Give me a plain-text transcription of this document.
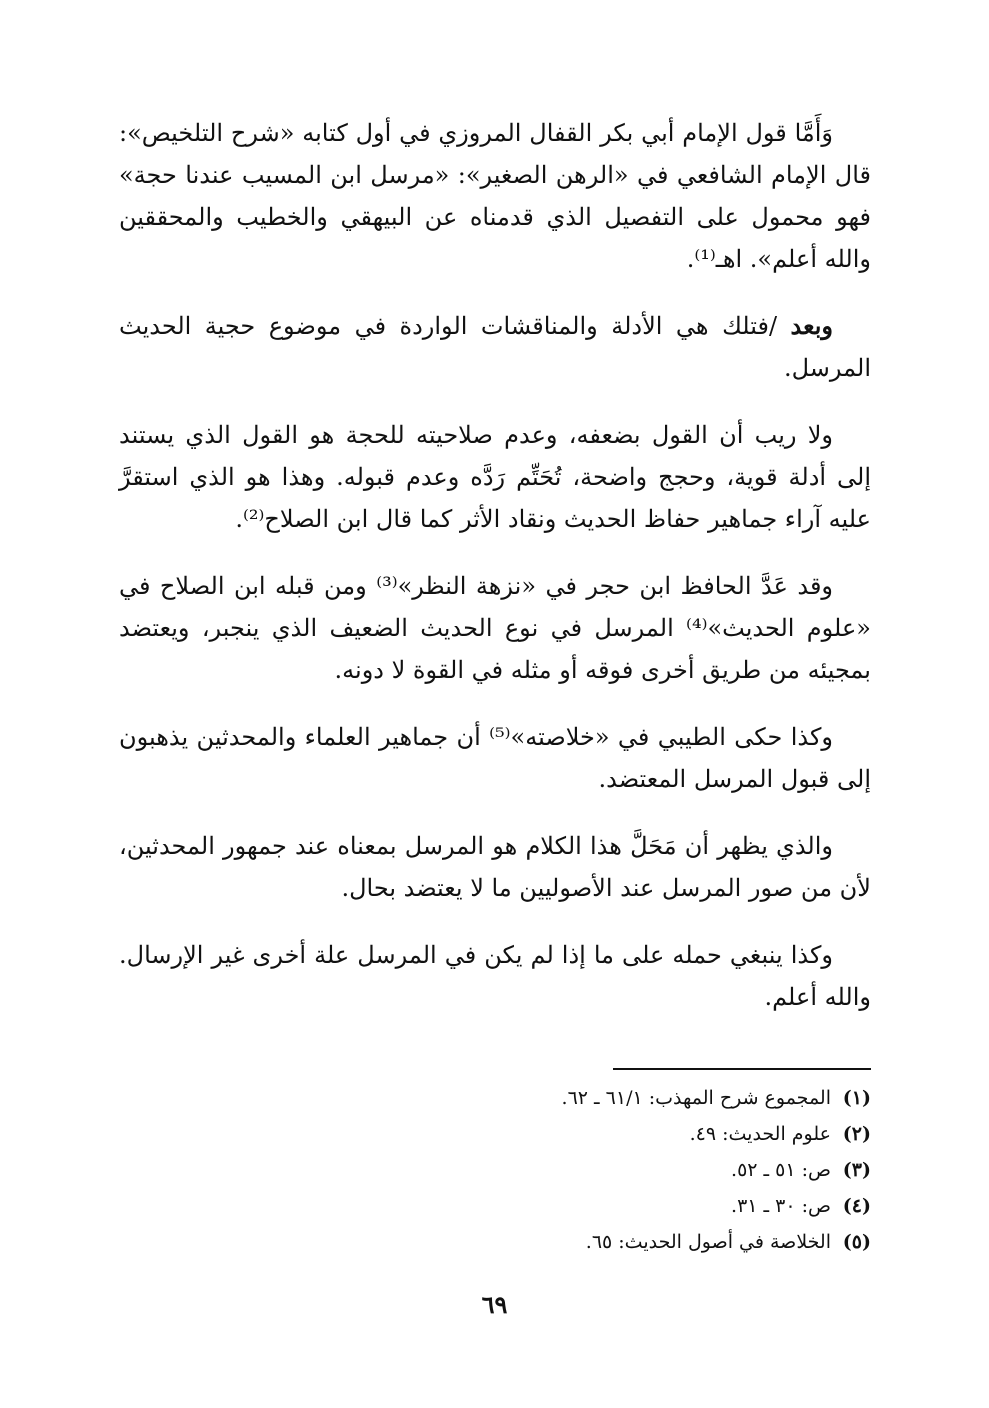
وَأَمَّا قول الإمام أبي بكر القفال المروزي في أول كتابه «شرح التلخيص»: قال الإمام الشافعي في «الرهن الصغير»: «مرسل ابن المسيب عندنا حجة» فهو محمول على التفصيل الذي قدمناه عن البيهقي والخطيب والمحققين والله أعلم». اهـ⁽¹⁾.

وبعد /فتلك هي الأدلة والمناقشات الواردة في موضوع حجية الحديث المرسل.

ولا ريب أن القول بضعفه، وعدم صلاحيته للحجة هو القول الذي يستند إلى أدلة قوية، وحجج واضحة، تُحَتِّم رَدَّه وعدم قبوله. وهذا هو الذي استقرَّ عليه آراء جماهير حفاظ الحديث ونقاد الأثر كما قال ابن الصلاح⁽²⁾.

وقد عَدَّ الحافظ ابن حجر في «نزهة النظر»⁽³⁾ ومن قبله ابن الصلاح في «علوم الحديث»⁽⁴⁾ المرسل في نوع الحديث الضعيف الذي ينجبر، ويعتضد بمجيئه من طريق أخرى فوقه أو مثله في القوة لا دونه.

وكذا حكى الطيبي في «خلاصته»⁽⁵⁾ أن جماهير العلماء والمحدثين يذهبون إلى قبول المرسل المعتضد.

والذي يظهر أن مَحَلَّ هذا الكلام هو المرسل بمعناه عند جمهور المحدثين، لأن من صور المرسل عند الأصوليين ما لا يعتضد بحال.

وكذا ينبغي حمله على ما إذا لم يكن في المرسل علة أخرى غير الإرسال. والله أعلم.

(١)المجموع شرح المهذب: ٦١/١ ـ ٦٢.

(٢)علوم الحديث: ٤٩.

(٣)ص: ٥١ ـ ٥٢.

(٤)ص: ٣٠ ـ ٣١.

(٥)الخلاصة في أصول الحديث: ٦٥.

٦٩
